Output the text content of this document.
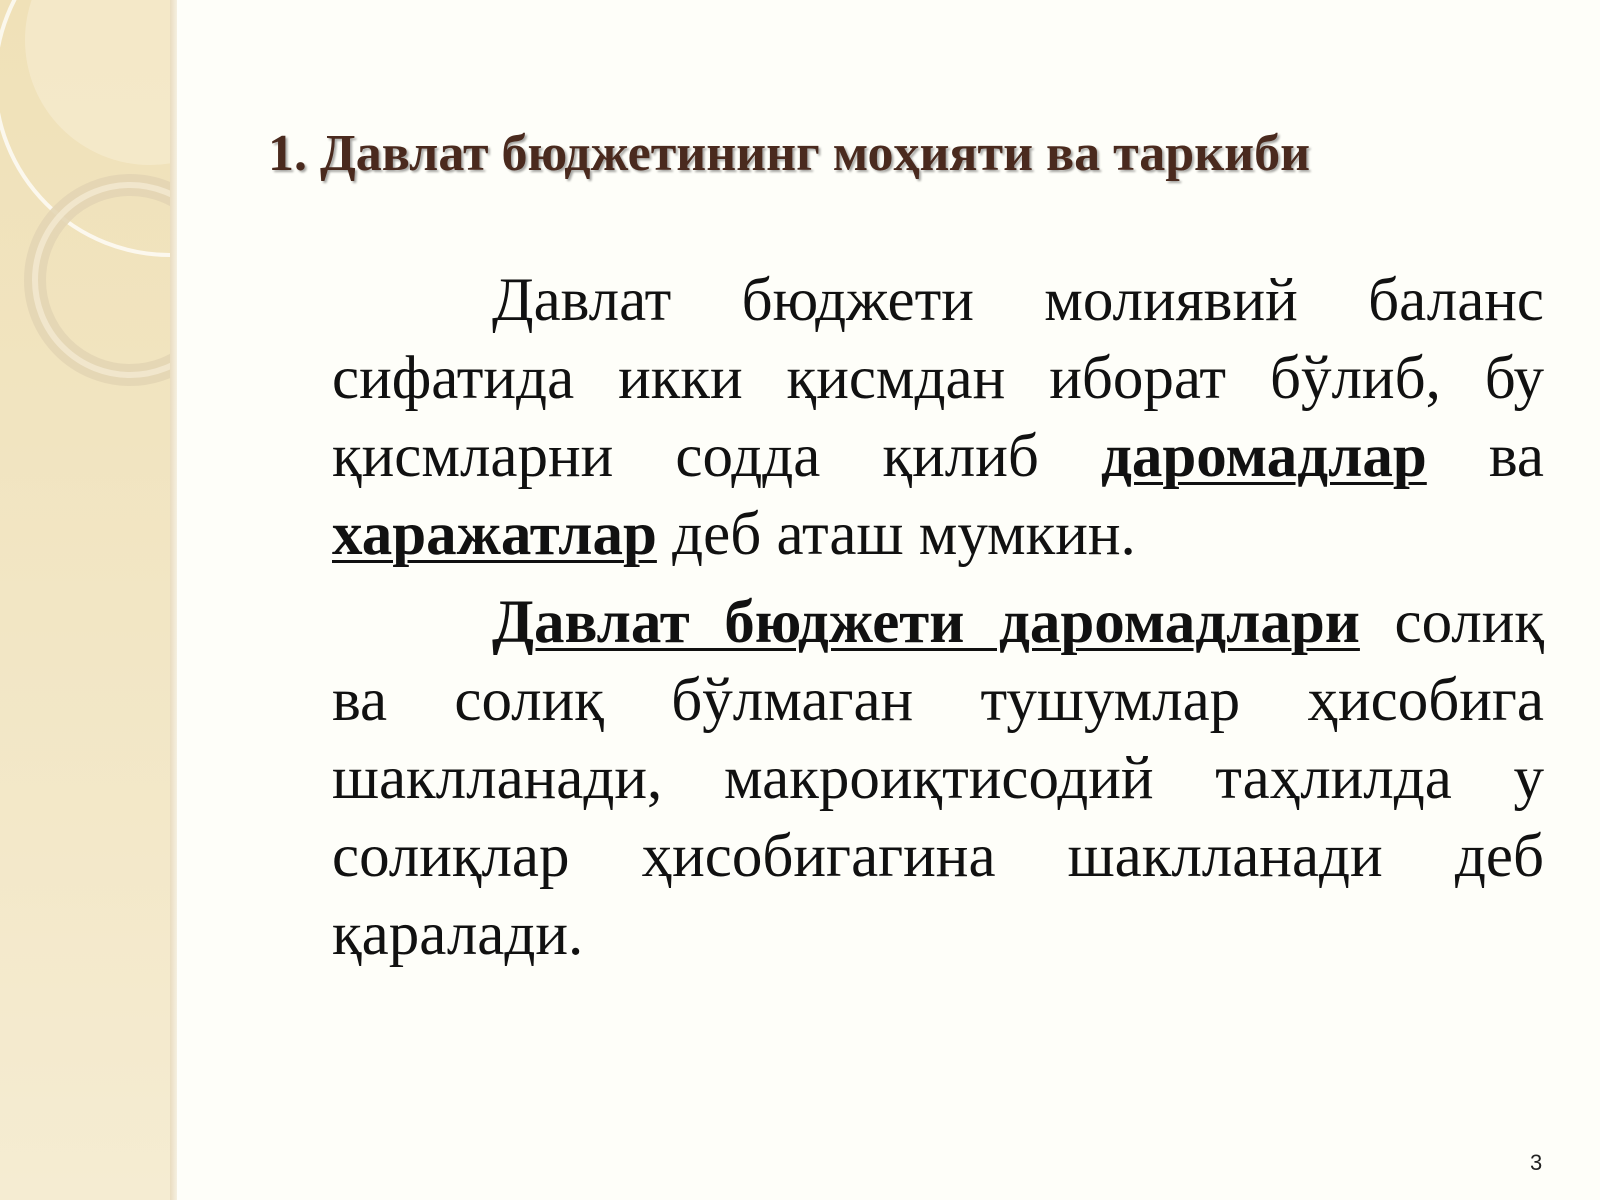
1. Давлат бюджетининг моҳияти ва таркиби

Давлат бюджети молиявий баланс сифатида икки қисмдан иборат бўлиб, бу қисмларни содда қилиб даромадлар ва харажатлар деб аташ мумкин.

Давлат бюджети даромадлари солиқ ва солиқ бўлмаган тушумлар ҳисобига шаклланади, макроиқтисодий таҳлилда у солиқлар ҳисобигагина шаклланади деб қаралади.

3
